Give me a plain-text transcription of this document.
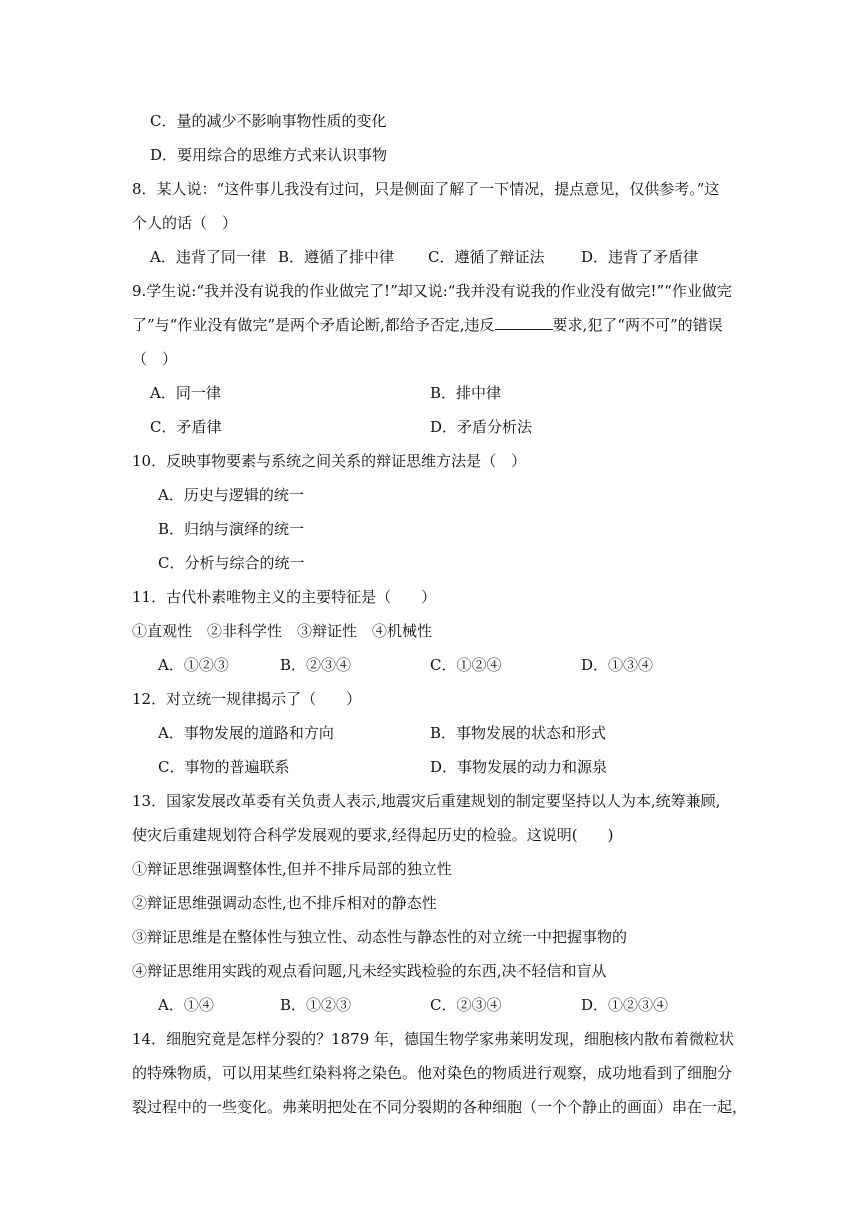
C．量的减少不影响事物性质的变化
D．要用综合的思维方式来认识事物
8．某人说：“这件事儿我没有过问，只是侧面了解了一下情况，提点意见，仅供参考。”这
个人的话（　）
A．违背了同一律 B．遵循了排中律 C．遵循了辩证法 D．违背了矛盾律
9.学生说:“我并没有说我的作业做完了!”却又说:“我并没有说我的作业没有做完!”“作业做完
了”与“作业没有做完”是两个矛盾论断,都给予否定,违反	要求,犯了“两不可”的错误
（　）
A．同一律	B．排中律
C．矛盾律	D．矛盾分析法
10．反映事物要素与系统之间关系的辩证思维方法是（　）
A．历史与逻辑的统一
B．归纳与演绎的统一
C．分析与综合的统一
11．古代朴素唯物主义的主要特征是（　　）
①直观性　②非科学性　③辩证性　④机械性
A．①②③	B．②③④	C．①②④	D．①③④
12．对立统一规律揭示了（　　）
A．事物发展的道路和方向	B．事物发展的状态和形式
C．事物的普遍联系	D．事物发展的动力和源泉
13．国家发展改革委有关负责人表示,地震灾后重建规划的制定要坚持以人为本,统筹兼顾,
使灾后重建规划符合科学发展观的要求,经得起历史的检验。这说明(　　)
①辩证思维强调整体性,但并不排斥局部的独立性
②辩证思维强调动态性,也不排斥相对的静态性
③辩证思维是在整体性与独立性、动态性与静态性的对立统一中把握事物的
④辩证思维用实践的观点看问题,凡未经实践检验的东西,决不轻信和盲从
A．①④	B．①②③	C．②③④	D．①②③④
14．细胞究竟是怎样分裂的？1879 年，德国生物学家弗莱明发现，细胞核内散布着微粒状
的特殊物质，可以用某些红染料将之染色。他对染色的物质进行观察，成功地看到了细胞分
裂过程中的一些变化。弗莱明把处在不同分裂期的各种细胞（一个个静止的画面）串在一起，
